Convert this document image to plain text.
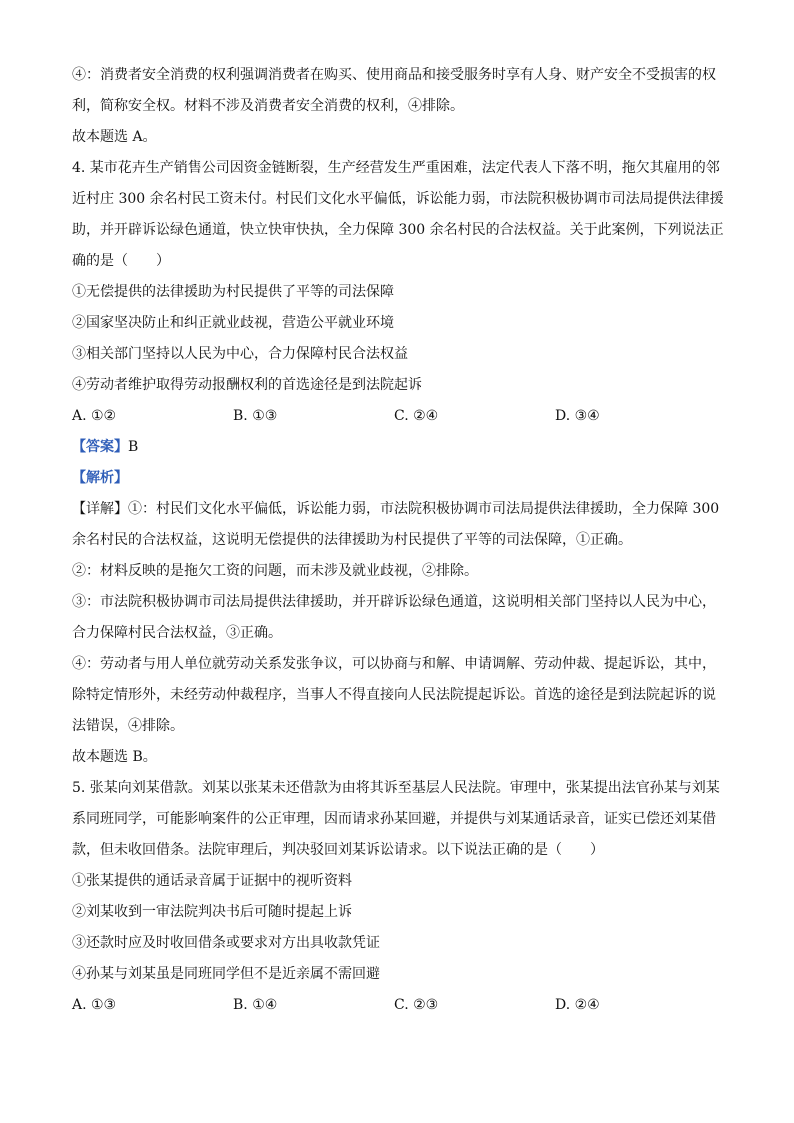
④：消费者安全消费的权利强调消费者在购买、使用商品和接受服务时享有人身、财产安全不受损害的权
利，简称安全权。材料不涉及消费者安全消费的权利，④排除。
故本题选 A。
4. 某市花卉生产销售公司因资金链断裂，生产经营发生严重困难，法定代表人下落不明，拖欠其雇用的邻
近村庄 300 余名村民工资未付。村民们文化水平偏低，诉讼能力弱，市法院积极协调市司法局提供法律援
助，并开辟诉讼绿色通道，快立快审快执，全力保障 300 余名村民的合法权益。关于此案例，下列说法正
确的是（　　）
①无偿提供的法律援助为村民提供了平等的司法保障
②国家坚决防止和纠正就业歧视，营造公平就业环境
③相关部门坚持以人民为中心，合力保障村民合法权益
④劳动者维护取得劳动报酬权利的首选途径是到法院起诉
A. ①②	B. ①③	C. ②④	D. ③④
【答案】B
【解析】
【详解】①：村民们文化水平偏低，诉讼能力弱，市法院积极协调市司法局提供法律援助，全力保障 300
余名村民的合法权益，这说明无偿提供的法律援助为村民提供了平等的司法保障，①正确。
②：材料反映的是拖欠工资的问题，而未涉及就业歧视，②排除。
③：市法院积极协调市司法局提供法律援助，并开辟诉讼绿色通道，这说明相关部门坚持以人民为中心，
合力保障村民合法权益，③正确。
④：劳动者与用人单位就劳动关系发张争议，可以协商与和解、申请调解、劳动仲裁、提起诉讼，其中，
除特定情形外，未经劳动仲裁程序，当事人不得直接向人民法院提起诉讼。首选的途径是到法院起诉的说
法错误，④排除。
故本题选 B。
5. 张某向刘某借款。刘某以张某未还借款为由将其诉至基层人民法院。审理中，张某提出法官孙某与刘某
系同班同学，可能影响案件的公正审理，因而请求孙某回避，并提供与刘某通话录音，证实已偿还刘某借
款，但未收回借条。法院审理后，判决驳回刘某诉讼请求。以下说法正确的是（　　）
①张某提供的通话录音属于证据中的视听资料
②刘某收到一审法院判决书后可随时提起上诉
③还款时应及时收回借条或要求对方出具收款凭证
④孙某与刘某虽是同班同学但不是近亲属不需回避
A. ①③	B. ①④	C. ②③	D. ②④
